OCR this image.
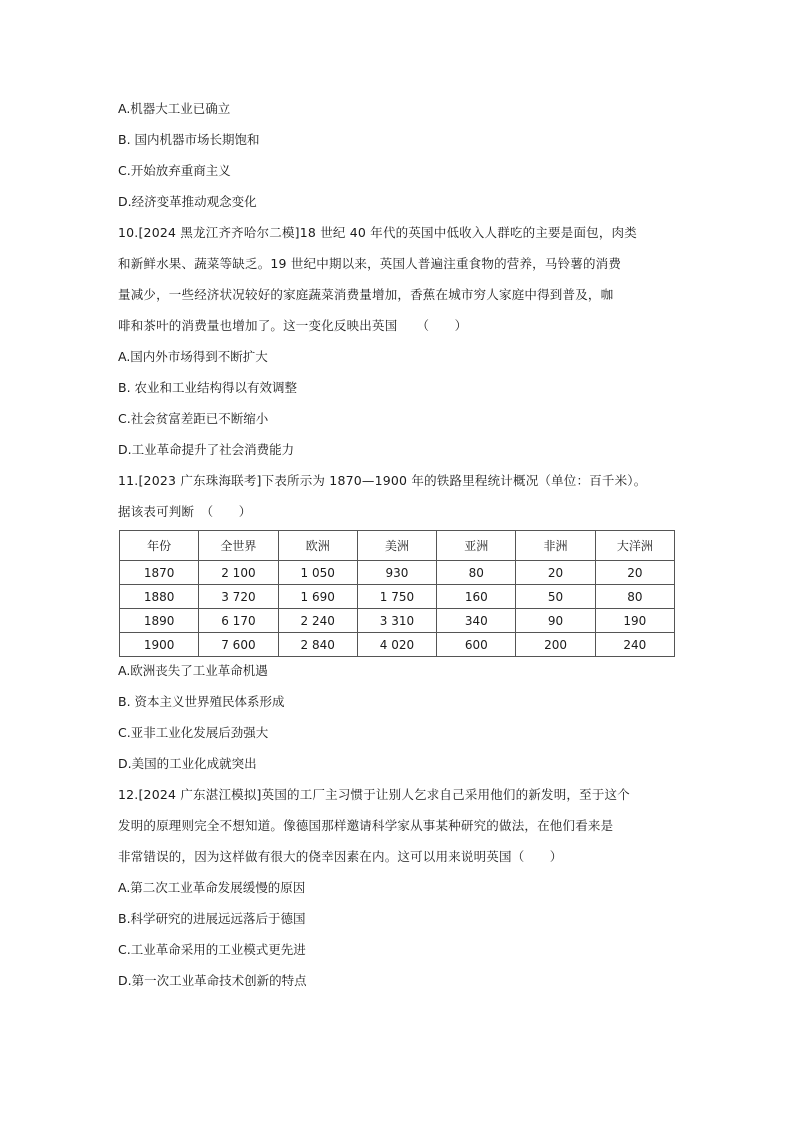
A.机器大工业已确立
B. 国内机器市场长期饱和
C.开始放弃重商主义
D.经济变革推动观念变化
10.[2024 黑龙江齐齐哈尔二模]18 世纪 40 年代的英国中低收入人群吃的主要是面包，肉类
和新鲜水果、蔬菜等缺乏。19 世纪中期以来，英国人普遍注重食物的营养，马铃薯的消费
量减少，一些经济状况较好的家庭蔬菜消费量增加，香蕉在城市穷人家庭中得到普及，咖
啡和茶叶的消费量也增加了。这一变化反映出英国　　（　　）
A.国内外市场得到不断扩大
B. 农业和工业结构得以有效调整
C.社会贫富差距已不断缩小
D.工业革命提升了社会消费能力
11.[2023 广东珠海联考]下表所示为 1870—1900 年的铁路里程统计概况（单位：百千米）。
据该表可判断　（　　）
年份	全世界	欧洲	美洲	亚洲	非洲	大洋洲
1870	2 100	1 050	930	80	20	20
1880	3 720	1 690	1 750	160	50	80
1890	6 170	2 240	3 310	340	90	190
1900	7 600	2 840	4 020	600	200	240
A.欧洲丧失了工业革命机遇
B. 资本主义世界殖民体系形成
C.亚非工业化发展后劲强大
D.美国的工业化成就突出
12.[2024 广东湛江模拟]英国的工厂主习惯于让别人乞求自己采用他们的新发明，至于这个
发明的原理则完全不想知道。像德国那样邀请科学家从事某种研究的做法，在他们看来是
非常错误的，因为这样做有很大的侥幸因素在内。这可以用来说明英国（　　）
A.第二次工业革命发展缓慢的原因
B.科学研究的进展远远落后于德国
C.工业革命采用的工业模式更先进
D.第一次工业革命技术创新的特点
